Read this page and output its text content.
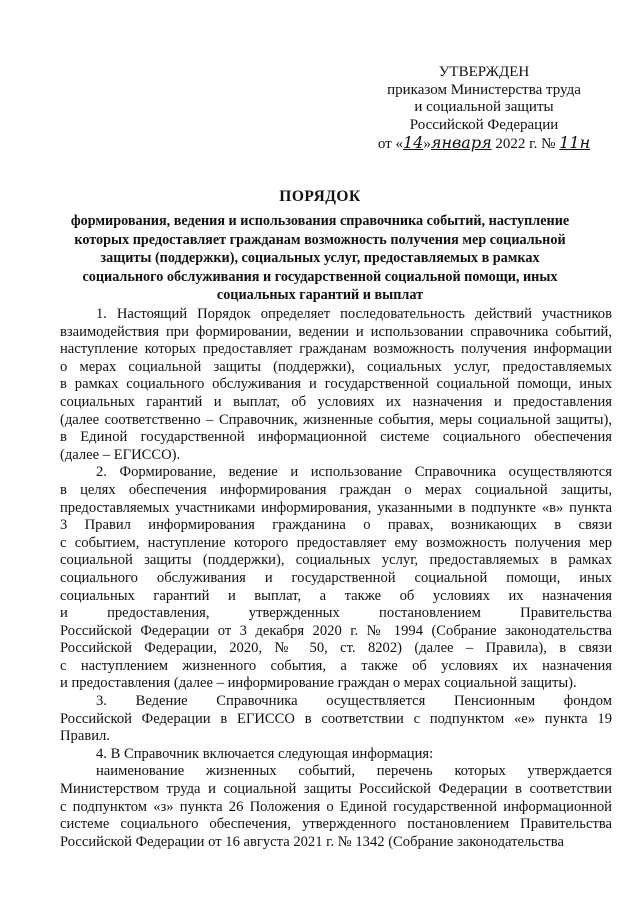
УТВЕРЖДЕН
приказом Министерства труда
и социальной защиты
Российской Федерации
от «14»января 2022 г. № 11н

ПОРЯДОК

формирования, ведения и использования справочника событий, наступление
которых предоставляет гражданам возможность получения мер социальной
защиты (поддержки), социальных услуг, предоставляемых в рамках
социального обслуживания и государственной социальной помощи, иных
социальных гарантий и выплат

1. Настоящий Порядок определяет последовательность действий участников
взаимодействия при формировании, ведении и использовании справочника событий,
наступление которых предоставляет гражданам возможность получения информации
о мерах социальной защиты (поддержки), социальных услуг, предоставляемых
в рамках социального обслуживания и государственной социальной помощи, иных
социальных гарантий и выплат, об условиях их назначения и предоставления
(далее соответственно – Справочник, жизненные события, меры социальной защиты),
в Единой государственной информационной системе социального обеспечения
(далее – ЕГИССО).

2. Формирование, ведение и использование Справочника осуществляются
в целях обеспечения информирования граждан о мерах социальной защиты,
предоставляемых участниками информирования, указанными в подпункте «в» пункта
3 Правил информирования гражданина о правах, возникающих в связи
с событием, наступление которого предоставляет ему возможность получения мер
социальной защиты (поддержки), социальных услуг, предоставляемых в рамках
социального обслуживания и государственной социальной помощи, иных
социальных гарантий и выплат, а также об условиях их назначения
и предоставления, утвержденных постановлением Правительства
Российской Федерации от 3 декабря 2020 г. № 1994 (Собрание законодательства
Российской Федерации, 2020, № 50, ст. 8202) (далее – Правила), в связи
с наступлением жизненного события, а также об условиях их назначения
и предоставления (далее – информирование граждан о мерах социальной защиты).

3. Ведение Справочника осуществляется Пенсионным фондом
Российской Федерации в ЕГИССО в соответствии с подпунктом «е» пункта 19
Правил.

4. В Справочник включается следующая информация:

наименование жизненных событий, перечень которых утверждается
Министерством труда и социальной защиты Российской Федерации в соответствии
с подпунктом «з» пункта 26 Положения о Единой государственной информационной
системе социального обеспечения, утвержденного постановлением Правительства
Российской Федерации от 16 августа 2021 г. № 1342 (Собрание законодательства
